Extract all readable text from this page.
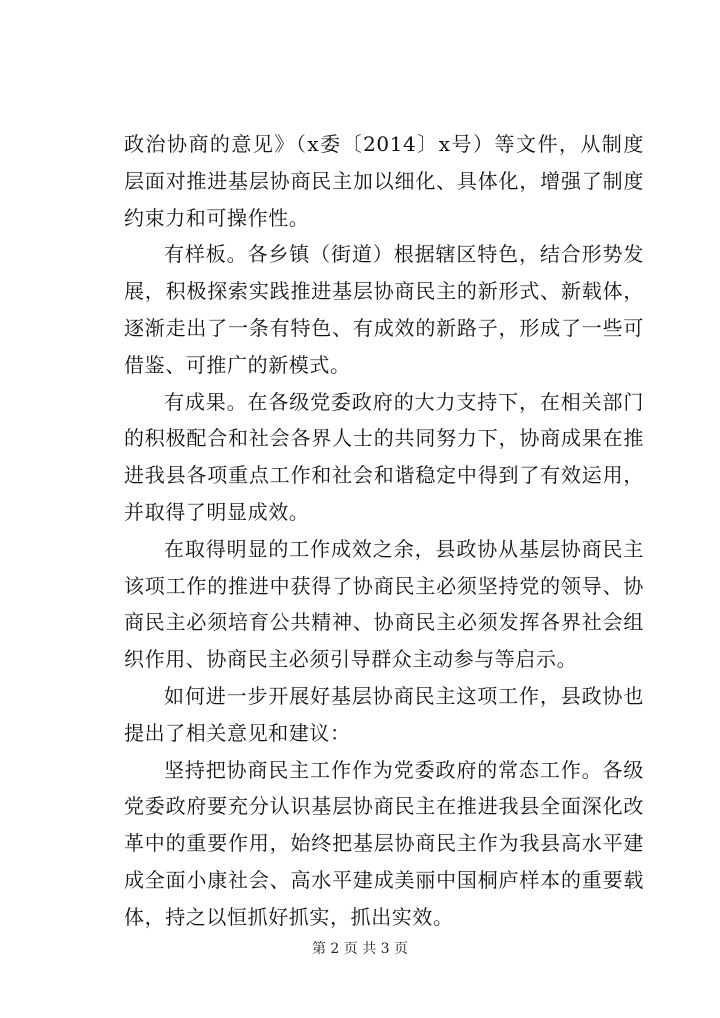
政治协商的意见》（x委〔2014〕x号）等文件，从制度层面对推进基层协商民主加以细化、具体化，增强了制度约束力和可操作性。

有样板。各乡镇（街道）根据辖区特色，结合形势发展，积极探索实践推进基层协商民主的新形式、新载体，逐渐走出了一条有特色、有成效的新路子，形成了一些可借鉴、可推广的新模式。

有成果。在各级党委政府的大力支持下，在相关部门的积极配合和社会各界人士的共同努力下，协商成果在推进我县各项重点工作和社会和谐稳定中得到了有效运用，并取得了明显成效。

在取得明显的工作成效之余，县政协从基层协商民主该项工作的推进中获得了协商民主必须坚持党的领导、协商民主必须培育公共精神、协商民主必须发挥各界社会组织作用、协商民主必须引导群众主动参与等启示。

如何进一步开展好基层协商民主这项工作，县政协也提出了相关意见和建议：

坚持把协商民主工作作为党委政府的常态工作。各级党委政府要充分认识基层协商民主在推进我县全面深化改革中的重要作用，始终把基层协商民主作为我县高水平建成全面小康社会、高水平建成美丽中国桐庐样本的重要载体，持之以恒抓好抓实，抓出实效。

第 2 页 共 3 页
